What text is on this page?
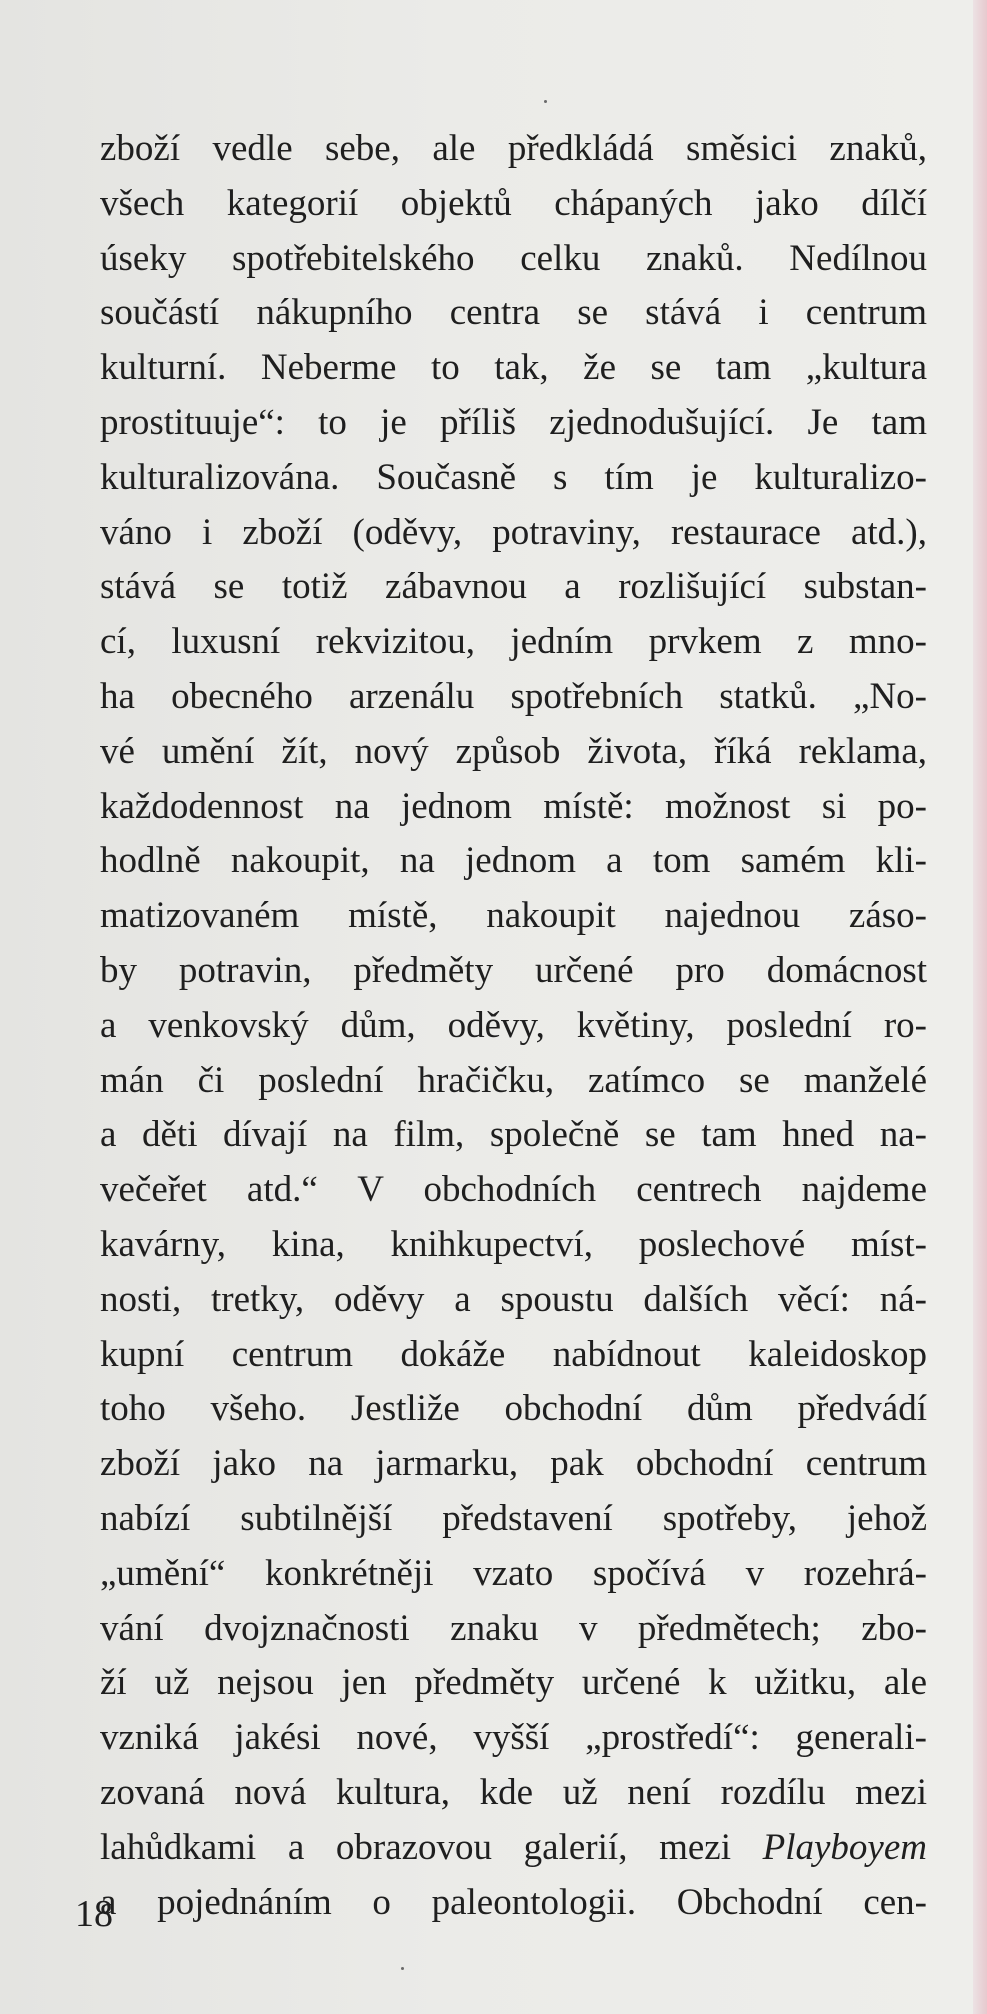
zboží vedle sebe, ale předkládá směsici znaků,
všech kategorií objektů chápaných jako dílčí
úseky spotřebitelského celku znaků. Nedílnou
součástí nákupního centra se stává i centrum
kulturní. Neberme to tak, že se tam „kultura
prostituuje“: to je příliš zjednodušující. Je tam
kulturalizována. Současně s tím je kulturalizo-
váno i zboží (oděvy, potraviny, restaurace atd.),
stává se totiž zábavnou a rozlišující substan-
cí, luxusní rekvizitou, jedním prvkem z mno-
ha obecného arzenálu spotřebních statků. „No-
vé umění žít, nový způsob života, říká reklama,
každodennost na jednom místě: možnost si po-
hodlně nakoupit, na jednom a tom samém kli-
matizovaném místě, nakoupit najednou záso-
by potravin, předměty určené pro domácnost
a venkovský dům, oděvy, květiny, poslední ro-
mán či poslední hračičku, zatímco se manželé
a děti dívají na film, společně se tam hned na-
večeřet atd.“ V obchodních centrech najdeme
kavárny, kina, knihkupectví, poslechové míst-
nosti, tretky, oděvy a spoustu dalších věcí: ná-
kupní centrum dokáže nabídnout kaleidoskop
toho všeho. Jestliže obchodní dům předvádí
zboží jako na jarmarku, pak obchodní centrum
nabízí subtilnější představení spotřeby, jehož
„umění“ konkrétněji vzato spočívá v rozehrá-
vání dvojznačnosti znaku v předmětech; zbo-
ží už nejsou jen předměty určené k užitku, ale
vzniká jakési nové, vyšší „prostředí“: generali-
zovaná nová kultura, kde už není rozdílu mezi
lahůdkami a obrazovou galerií, mezi Playboyem
a pojednáním o paleontologii. Obchodní cen-
18
